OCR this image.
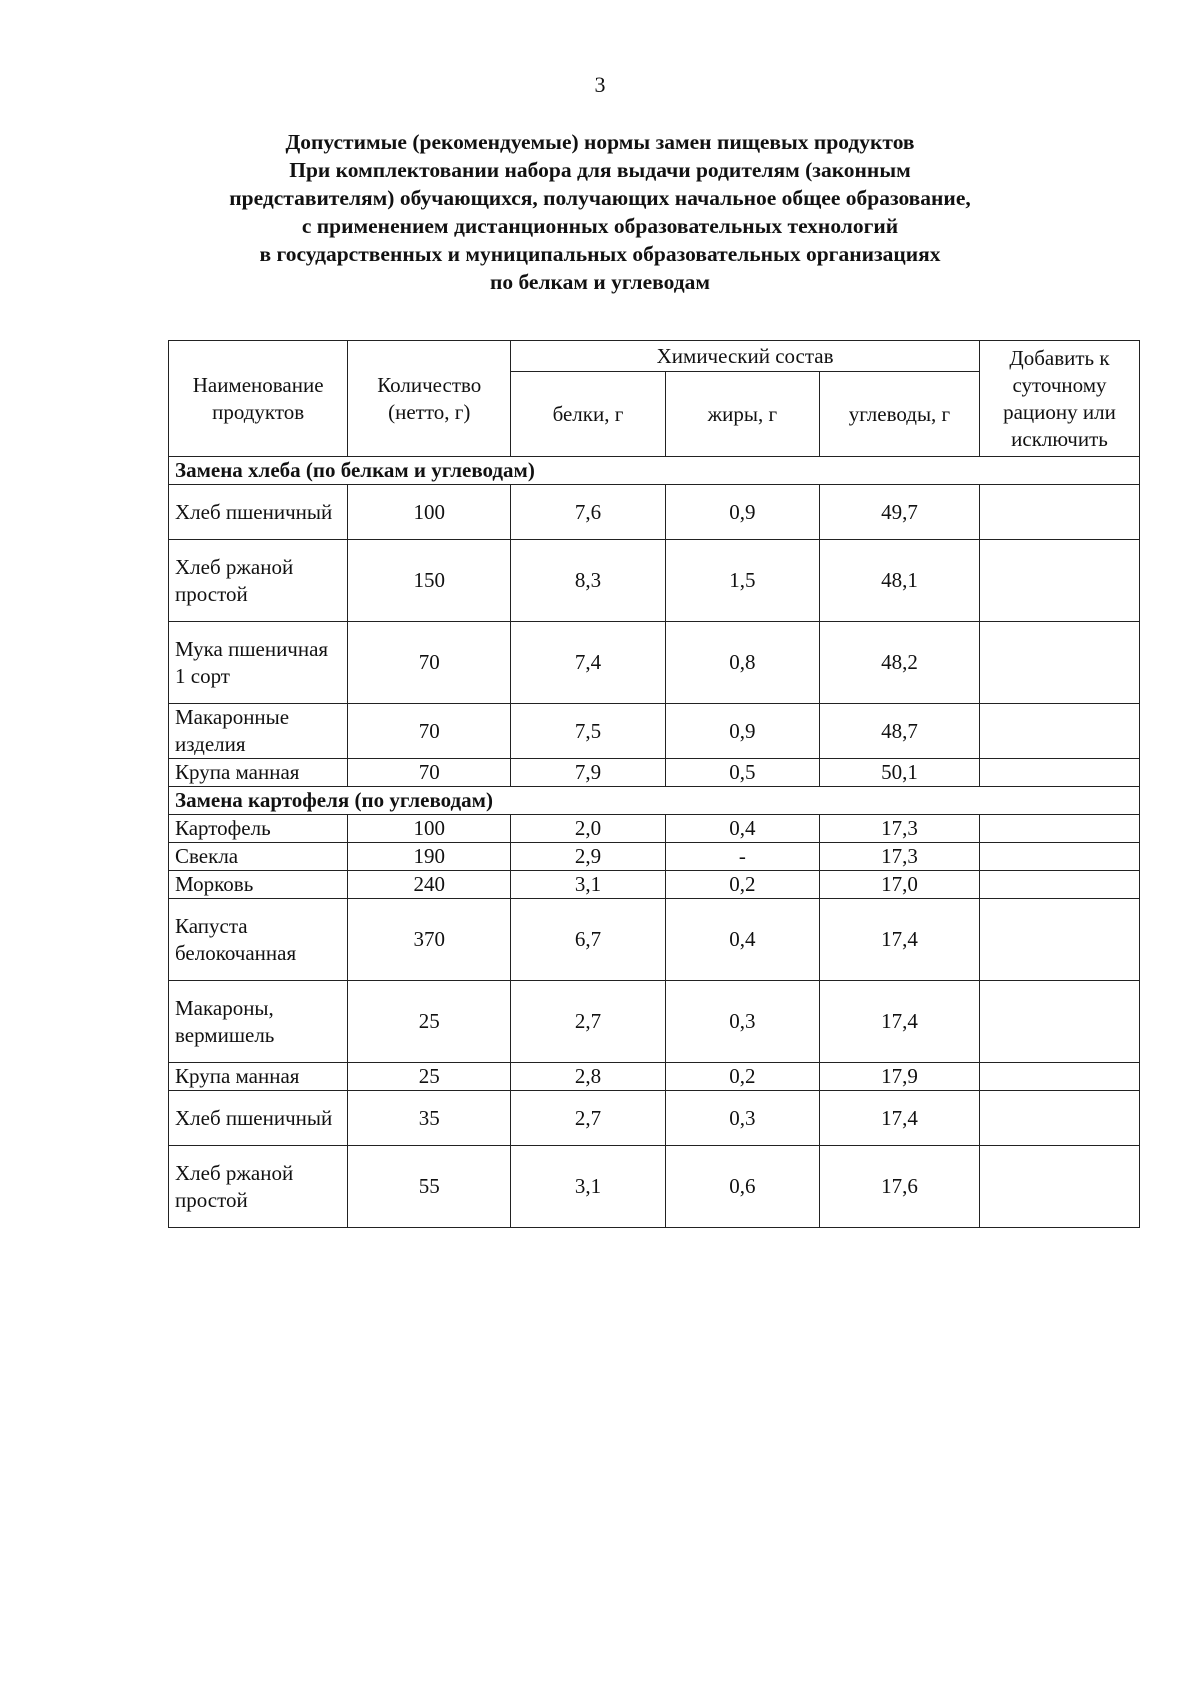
3
Допустимые (рекомендуемые) нормы замен пищевых продуктов
При комплектовании набора для выдачи родителям (законным
представителям) обучающихся, получающих начальное общее образование,
с применением дистанционных образовательных технологий
в государственных и муниципальных образовательных организациях
по белкам и углеводам
Наименование продуктов	Количество (нетто, г)	Химический состав			Добавить к суточному рациону или исключить
		белки, г	жиры, г	углеводы, г	
Замена хлеба (по белкам и углеводам)					
Хлеб пшеничный	100	7,6	0,9	49,7	
Хлеб ржаной простой	150	8,3	1,5	48,1	
Мука пшеничная 1 сорт	70	7,4	0,8	48,2	
Макаронные изделия	70	7,5	0,9	48,7	
Крупа манная	70	7,9	0,5	50,1	
Замена картофеля (по углеводам)					
Картофель	100	2,0	0,4	17,3	
Свекла	190	2,9	-	17,3	
Морковь	240	3,1	0,2	17,0	
Капуста белокочанная	370	6,7	0,4	17,4	
Макароны, вермишель	25	2,7	0,3	17,4	
Крупа манная	25	2,8	0,2	17,9	
Хлеб пшеничный	35	2,7	0,3	17,4	
Хлеб ржаной простой	55	3,1	0,6	17,6	
